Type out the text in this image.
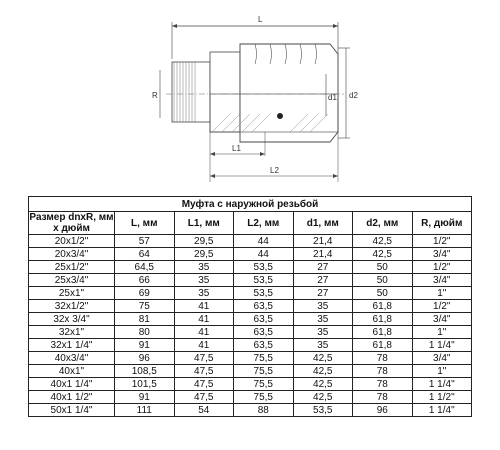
L
R	d1 d2
L1
L2
Муфта с наружной резьбой						
Размер dnxR, мм х дюйм	L, мм	L1, мм	L2, мм	d1, мм	d2, мм	R, дюйм
20x1/2"	57	29,5	44	21,4	42,5	1/2"
20x3/4"	64	29,5	44	21,4	42,5	3/4"
25x1/2"	64,5	35	53,5	27	50	1/2"
25x3/4"	66	35	53,5	27	50	3/4"
25x1"	69	35	53,5	27	50	1"
32x1/2"	75	41	63,5	35	61,8	1/2"
32x 3/4"	81	41	63,5	35	61,8	3/4"
32x1"	80	41	63,5	35	61,8	1"
32x1 1/4"	91	41	63,5	35	61,8	1 1/4"
40x3/4"	96	47,5	75,5	42,5	78	3/4"
40x1"	108,5	47,5	75,5	42,5	78	1"
40x1 1/4"	101,5	47,5	75,5	42,5	78	1 1/4"
40x1 1/2"	91	47,5	75,5	42,5	78	1 1/2"
50x1 1/4"	111	54	88	53,5	96	1 1/4"
